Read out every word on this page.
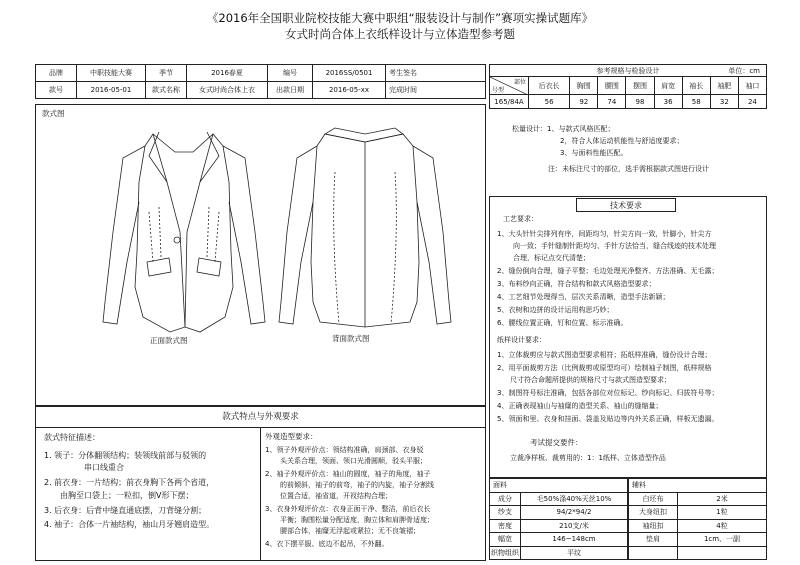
《2016年全国职业院校技能大赛中职组“服装设计与制作”赛项实操试题库》
女式时尚合体上衣纸样设计与立体造型参考题
品牌	中职技能大赛	季节	2016春夏	编号	2016SS/0501	考生签名
款号	2016-05-01	款式名称	女式时尚合体上衣	出款日期	2016-05-xx	完成时间
参考规格与检验设计 单位：cm								

部位
号型	后衣长	胸围	腰围	摆围	肩宽	袖长	袖肥	袖口
165/84A	56	92	74	98	36	58	32	24
松量设计：1、与款式风格匹配；
2，符合人体运动机能性与舒适度要求；
3、与面料性能匹配。
注：未标注尺寸的部位，选手需根据款式图进行设计
款式图
正面款式图	背面款式图
款式特点与外观要求
款式特征描述：
1. 领子：分体翻领结构；装领线前部与驳领的
串口线重合
2. 前衣身：一片结构；前衣身胸下各两个省道，
由胸至口袋上；一粒扣，倒V形下摆；
3. 后衣身：后背中缝直通底摆，刀背缝分割；
4. 袖子：合体一片袖结构，袖山月牙翘肩造型。
外观造型要求：
1、领子外观评价点：领结构准确，肩颈部、衣身驳
头关系合理，领面、领口光滑圆顺，驳头平服；
2、袖子外观评价点：袖山的圆度，袖子的角度，袖子
的前倾斜，袖子的前弯，袖子的内旋，袖子分割线
位置合适，袖省道，开衩结构合理；
3、衣身外观评价点：衣身正面干净、整洁，前后衣长
平衡；胸围松量分配适度，胸立体和肩胛骨适度；
腰部合体，袖窿无浮起或紧拉；无不良皱褶；
4、衣下摆平服、底边不起吊，不外翻。
技术要求
工艺要求：
1、大头针针尖排列有序，间距均匀，针尖方向一致，针脚小，针尖方
向一致；手针缝制针距均匀、手针方法恰当，缝合线迹的技术处理
合理，标记点交代清楚；
2、缝份倒向合理，缝子平整；毛边处理光净整齐、方法准确、无毛露；
3、布料纱向正确，符合结构和款式风格造型要求；
4、工艺细节处理得当，层次关系清晰，造型手法新颖；
5、衣树和边拼的设计运用构思巧妙；
6、腰线位置正确，钉和位置、标示准确。
纸样设计要求：
1、立体裁剪应与款式图造型要求相符；拓纸样准确，缝份设计合理；
2、用平面裁剪方法（比例裁剪或原型均可）绘制袖子制图，纸样规格
尺寸符合命题所提供的规格尺寸与款式图造型要求；
3、制图符号标注准确，包括各部位对位标记、纱向标记、归拔符号等；
4、正确表现袖山与袖窿的造型关系、袖山的缝缩量；
5、领面和里、衣身和挂面、袋盖及贴边等内外关系正确，样板无遗漏。
考试提交要件：
立裁净样板、裁剪用的：1：1纸样、立体造型作品
面料	
成分	毛50%涤40%天丝10%
纱支	94/2*94/2
密度	210支/米
幅宽	146~148cm
织物组织	平纹
辅料	
白坯布	2米
大身纽扣	1粒
袖纽扣	4粒
垫肩	1cm、一副
